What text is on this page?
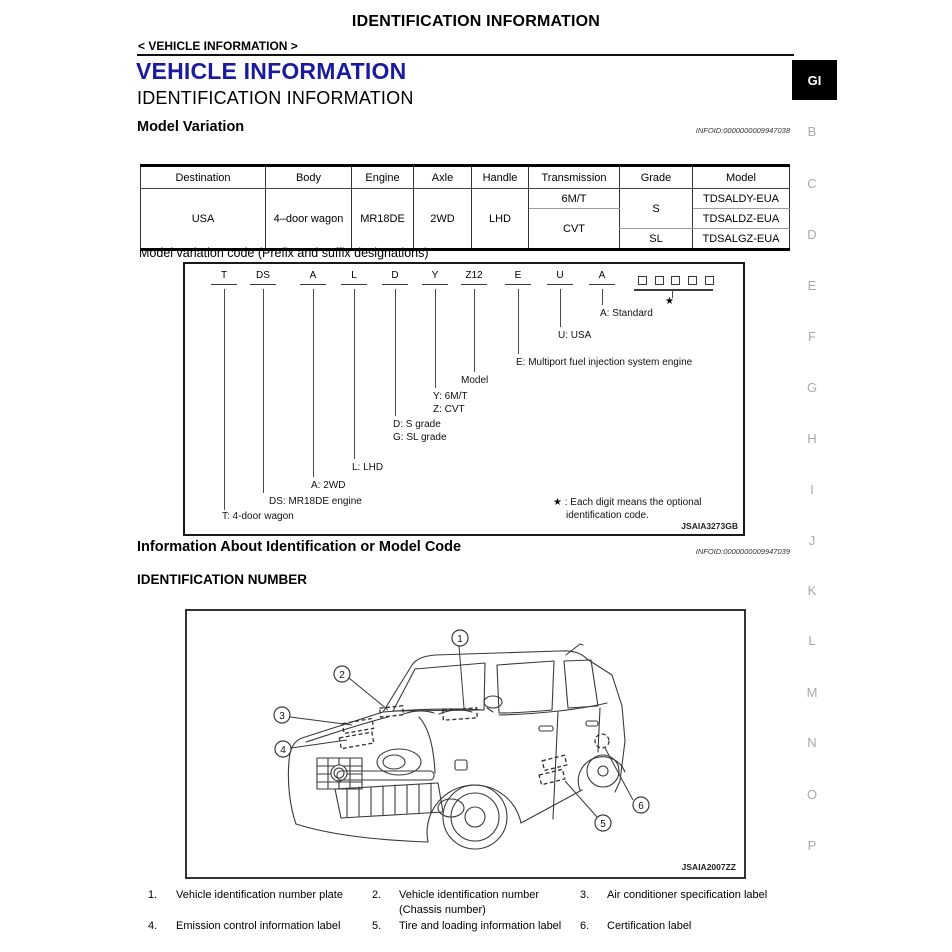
IDENTIFICATION INFORMATION
< VEHICLE INFORMATION >
GI
VEHICLE INFORMATION
IDENTIFICATION INFORMATION
Model Variation	INFOID:0000000009947038
Destination	Body	Engine	Axle	Handle	Transmission	Grade	Model
USA	4–door wagon	MR18DE	2WD	LHD	6M/T	S	TDSALDY-EUA
					CVT		TDSALDZ-EUA
						SL	TDSALGZ-EUA
Model variation code (Prefix and suffix designations)
T	DS	A	L	D	Y	Z12	E	U	A
★
A: Standard
U: USA
E: Multiport fuel injection system engine
Model
Y: 6M/T
Z: CVT
D: S grade
G: SL grade
L: LHD
A: 2WD
DS: MR18DE engine
T: 4-door wagon
★ : Each digit means the optional
identification code.
JSAIA3273GB
Information About Identification or Model Code	INFOID:0000000009947039
IDENTIFICATION NUMBER
1
2
3
4
5
6
JSAIA2007ZZ
1. Vehicle identification number plate	2. Vehicle identification number
(Chassis number)
3. Air conditioner specification label
4. Emission control information label	5. Tire and loading information label 6. Certification label
B
C
D
E
F
G
H
I
J
K
L
M
N
O
P
